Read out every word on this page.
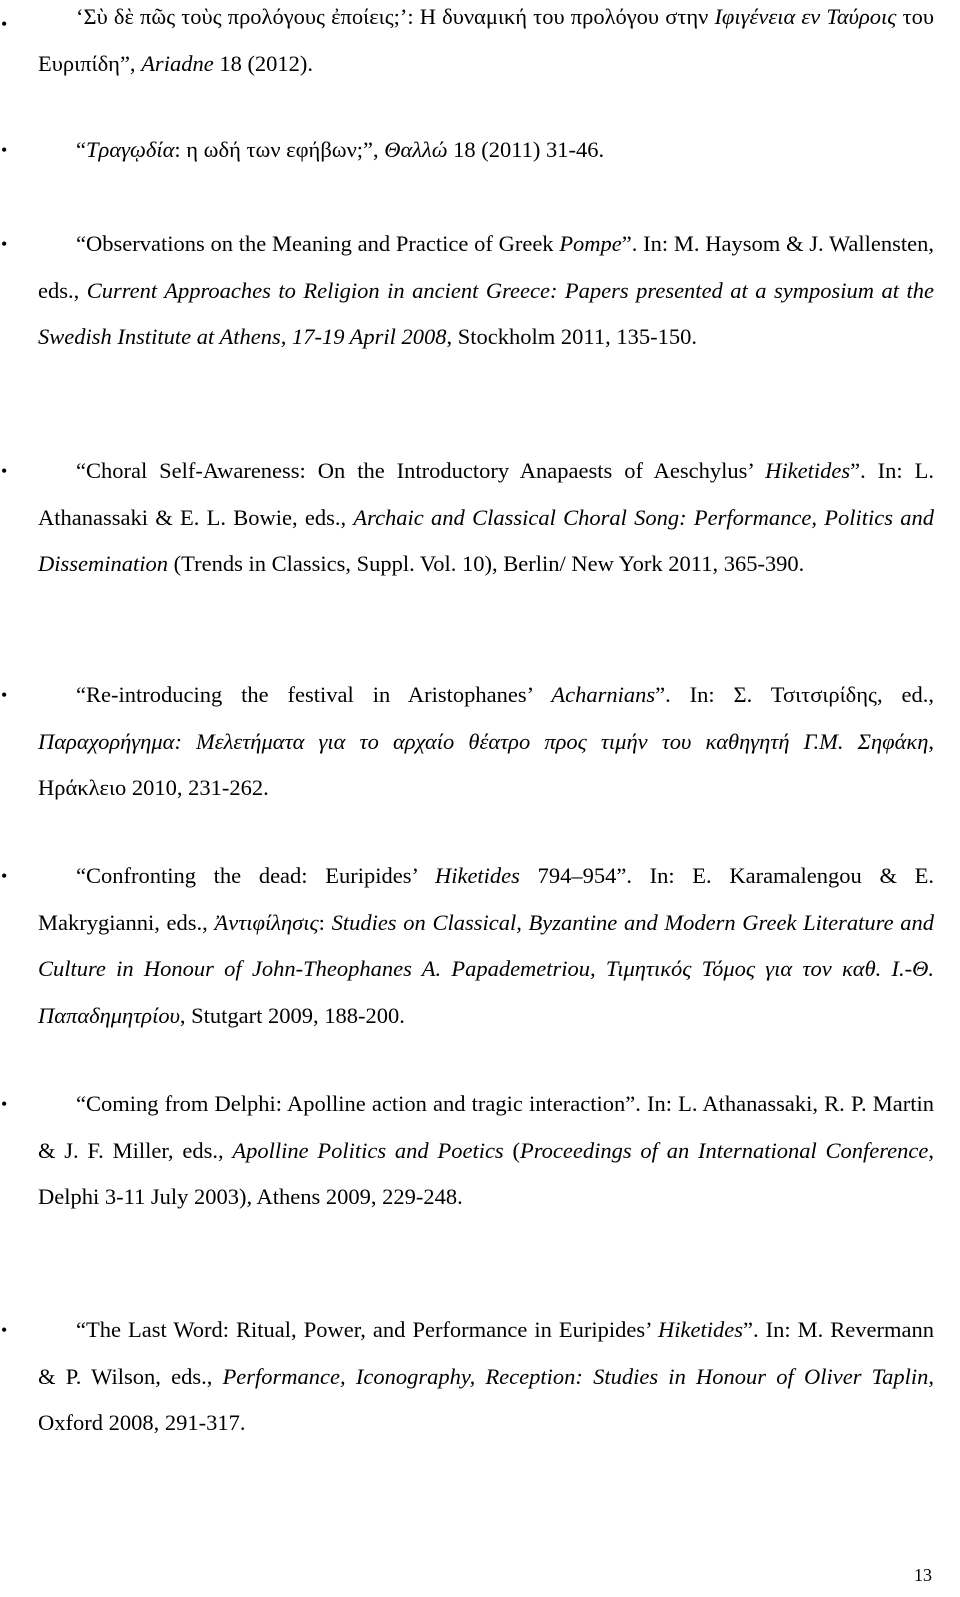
•	‘Σὺ δὲ πῶς τοὺς προλόγους ἐποίεις;’: Η δυναμική του προλόγου στην Ιφιγένεια εν Ταύροις του Ευριπίδη”, Ariadne 18 (2012).

•	“Τραγῳδία: η ωδή των εφήβων;”, Θαλλώ 18 (2011) 31-46.

•	“Observations on the Meaning and Practice of Greek Pompe”. In: M. Haysom & J. Wallensten, eds., Current Approaches to Religion in ancient Greece: Papers presented at a symposium at the Swedish Institute at Athens, 17-19 April 2008, Stockholm 2011, 135-150.

•	“Choral Self-Awareness: On the Introductory Anapaests of Aeschylus’ Hiketides”. In: L. Athanassaki & E. L. Bowie, eds., Archaic and Classical Choral Song: Performance, Politics and Dissemination (Trends in Classics, Suppl. Vol. 10), Berlin/ New York 2011, 365-390.

•	“Re-introducing the festival in Aristophanes’ Acharnians”. In: Σ. Τσιτσιρίδης, ed., Παραχορήγημα: Μελετήματα για το αρχαίο θέατρο προς τιμήν του καθηγητή Γ.Μ. Σηφάκη, Ηράκλειο 2010, 231-262.

•	“Confronting the dead: Euripides’ Hiketides 794–954”. In: E. Karamalengou & E. Makrygianni, eds., Ἀντιφίλησις: Studies on Classical, Byzantine and Modern Greek Literature and Culture in Honour of John-Theophanes A. Papademetriou, Τιμητικός Τόμος για τον καθ. Ι.-Θ. Παπαδημητρίου, Stutgart 2009, 188-200.

•	“Coming from Delphi: Apolline action and tragic interaction”. In: L. Athanassaki, R. P. Martin & J. F. Miller, eds., Apolline Politics and Poetics (Proceedings of an International Conference, Delphi 3-11 July 2003), Athens 2009, 229-248.

•	“The Last Word: Ritual, Power, and Performance in Euripides’ Hiketides”. In: M. Revermann & P. Wilson, eds., Performance, Iconography, Reception: Studies in Honour of Oliver Taplin, Oxford 2008, 291-317.

13
